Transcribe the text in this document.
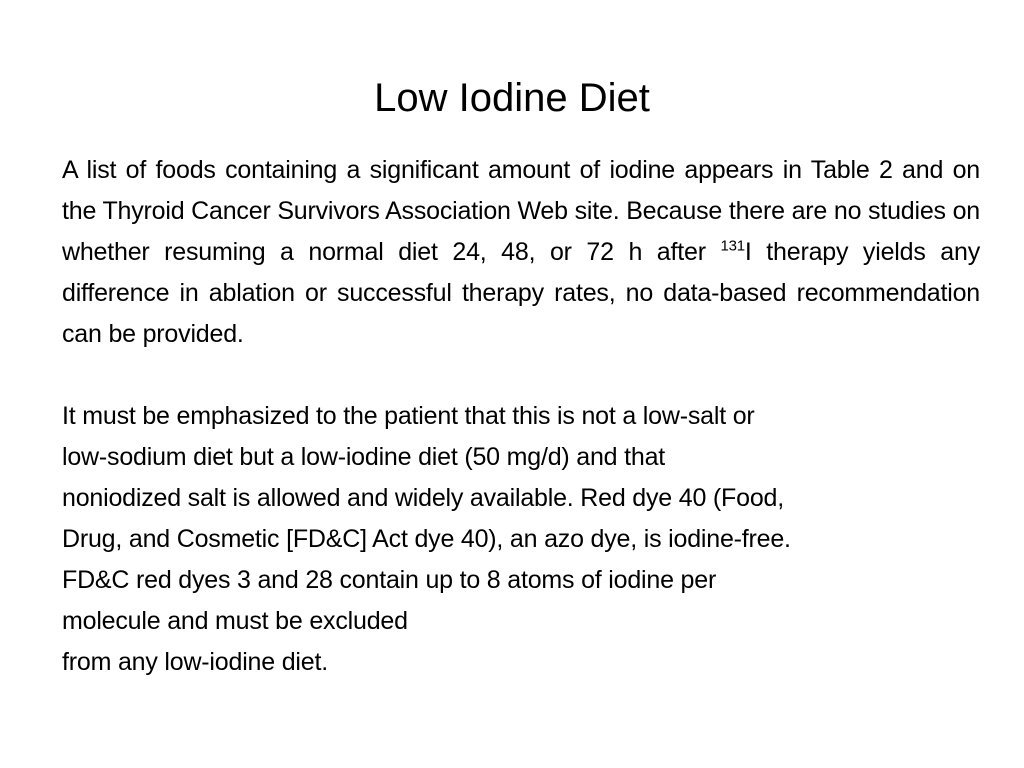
Low Iodine Diet

A list of foods containing a significant amount of iodine appears in Table 2 and on the Thyroid Cancer Survivors Association Web site. Because there are no studies on whether resuming a normal diet 24, 48, or 72 h after $^{131}$I therapy yields any difference in ablation or successful therapy rates, no data-based recommendation can be provided.

It must be emphasized to the patient that this is not a low-salt or
low-sodium diet but a low-iodine diet (50 mg/d) and that
noniodized salt is allowed and widely available. Red dye 40 (Food,
Drug, and Cosmetic [FD&C] Act dye 40), an azo dye, is iodine-free.
FD&C red dyes 3 and 28 contain up to 8 atoms of iodine per
molecule and must be excluded
from any low-iodine diet.
